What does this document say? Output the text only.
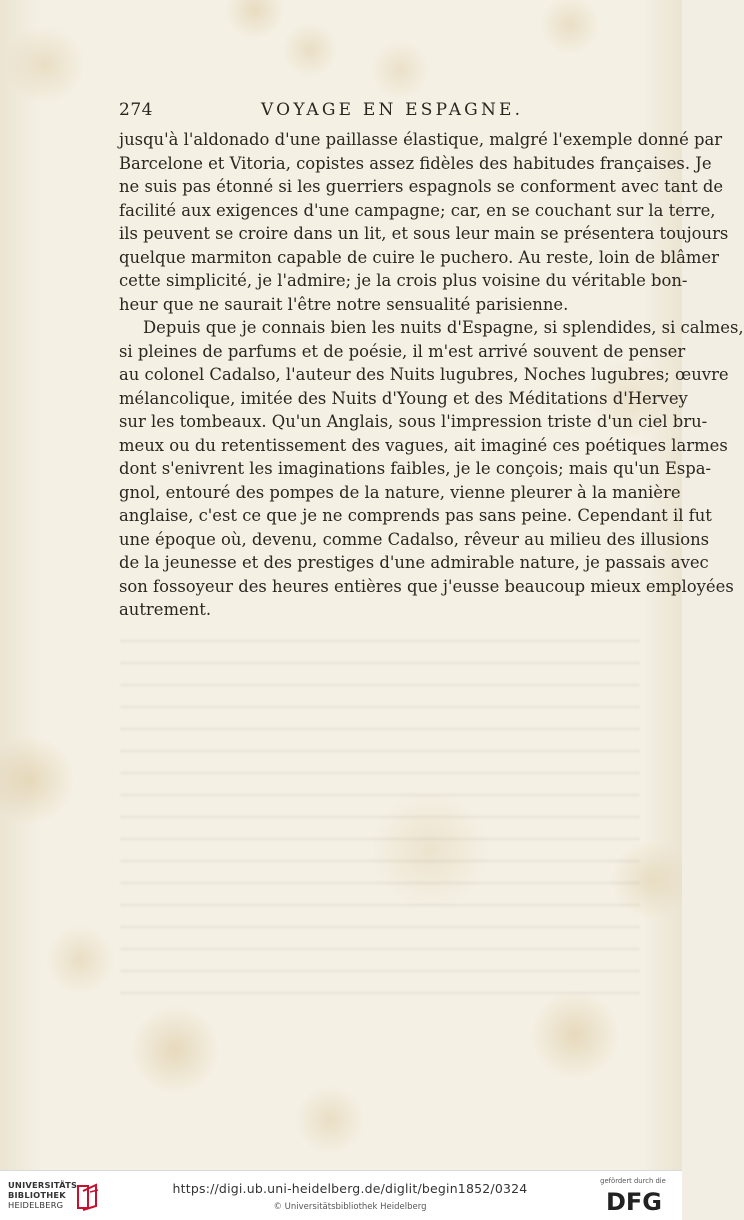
274	VOYAGE EN ESPAGNE.
jusqu'à l'aldonado d'une paillasse élastique, malgré l'exemple donné par
Barcelone et Vitoria, copistes assez fidèles des habitudes françaises. Je
ne suis pas étonné si les guerriers espagnols se conforment avec tant de
facilité aux exigences d'une campagne; car, en se couchant sur la terre,
ils peuvent se croire dans un lit, et sous leur main se présentera toujours
quelque marmiton capable de cuire le puchero. Au reste, loin de blâmer
cette simplicité, je l'admire; je la crois plus voisine du véritable bon-
heur que ne saurait l'être notre sensualité parisienne.
Depuis que je connais bien les nuits d'Espagne, si splendides, si calmes,
si pleines de parfums et de poésie, il m'est arrivé souvent de penser
au colonel Cadalso, l'auteur des Nuits lugubres, Noches lugubres; œuvre
mélancolique, imitée des Nuits d'Young et des Méditations d'Hervey
sur les tombeaux. Qu'un Anglais, sous l'impression triste d'un ciel bru-
meux ou du retentissement des vagues, ait imaginé ces poétiques larmes
dont s'enivrent les imaginations faibles, je le conçois; mais qu'un Espa-
gnol, entouré des pompes de la nature, vienne pleurer à la manière
anglaise, c'est ce que je ne comprends pas sans peine. Cependant il fut
une époque où, devenu, comme Cadalso, rêveur au milieu des illusions
de la jeunesse et des prestiges d'une admirable nature, je passais avec
son fossoyeur des heures entières que j'eusse beaucoup mieux employées
autrement.
UNIVERSITÄTS-
BIBLIOTHEK
HEIDELBERG
https://digi.ub.uni-heidelberg.de/diglit/begin1852/0324
© Universitätsbibliothek Heidelberg
gefördert durch die
DFG
